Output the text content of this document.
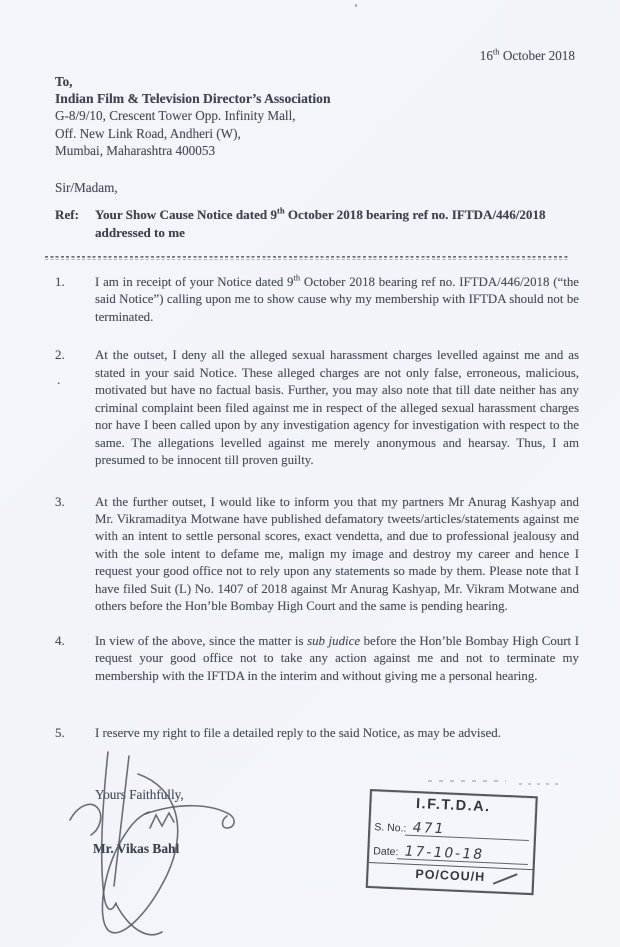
16th October 2018
To,
Indian Film & Television Director’s Association
G-8/9/10, Crescent Tower Opp. Infinity Mall,
Off. New Link Road, Andheri (W),
Mumbai, Maharashtra 400053
Sir/Madam,
Ref:	Your Show Cause Notice dated 9th October 2018 bearing ref no. IFTDA/446/2018 addressed to me
1.	I am in receipt of your Notice dated 9th October 2018 bearing ref no. IFTDA/446/2018 (“the said Notice”) calling upon me to show cause why my membership with IFTDA should not be terminated.
2.
.
At the outset, I deny all the alleged sexual harassment charges levelled against me and as stated in your said Notice. These alleged charges are not only false, erroneous, malicious, motivated but have no factual basis. Further, you may also note that till date neither has any criminal complaint been filed against me in respect of the alleged sexual harassment charges nor have I been called upon by any investigation agency for investigation with respect to the same. The allegations levelled against me merely anonymous and hearsay. Thus, I am presumed to be innocent till proven guilty.
3.	At the further outset, I would like to inform you that my partners Mr Anurag Kashyap and Mr. Vikramaditya Motwane have published defamatory tweets/articles/statements against me with an intent to settle personal scores, exact vendetta, and due to professional jealousy and with the sole intent to defame me, malign my image and destroy my career and hence I request your good office not to rely upon any statements so made by them. Please note that I have filed Suit (L) No. 1407 of 2018 against Mr Anurag Kashyap, Mr. Vikram Motwane and others before the Hon’ble Bombay High Court and the same is pending hearing.
4.	In view of the above, since the matter is sub judice before the Hon’ble Bombay High Court I request your good office not to take any action against me and not to terminate my membership with the IFTDA in the interim and without giving me a personal hearing.
5.	I reserve my right to file a detailed reply to the said Notice, as may be advised.
Yours Faithfully,
Mr. Vikas Bahl
I.F.T.D.A.
S. No.: 471
Date: 17-10-18
PO/COU/H
